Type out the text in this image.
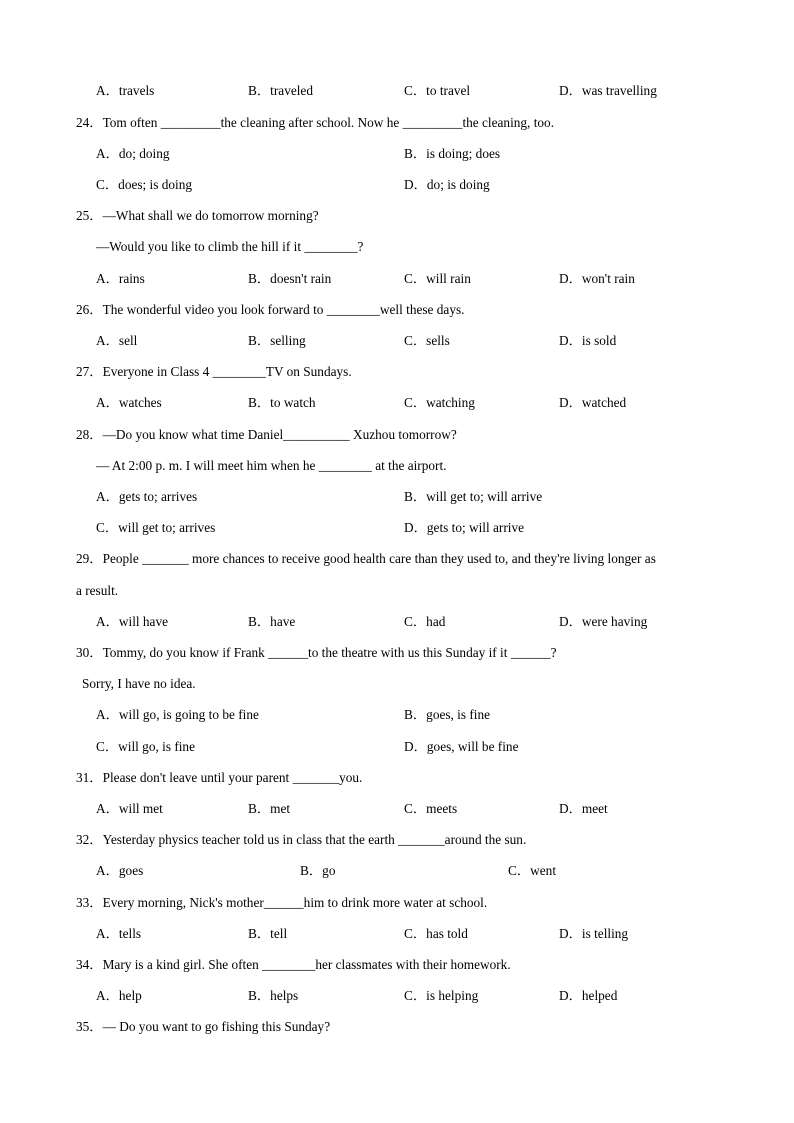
A．travels	B．traveled	C．to travel	D．was travelling
24．Tom often _________the cleaning after school. Now he _________the cleaning, too.
A．do; doing	B．is doing; does
C．does; is doing	D．do; is doing
25．—What shall we do tomorrow morning?
—Would you like to climb the hill if it ________?
A．rains	B．doesn't rain	C．will rain	D．won't rain
26．The wonderful video you look forward to ________well these days.
A．sell	B．selling	C．sells	D．is sold
27．Everyone in Class 4 ________TV on Sundays.
A．watches	B．to watch	C．watching	D．watched
28．—Do you know what time Daniel__________ Xuzhou tomorrow?
— At 2:00 p. m. I will meet him when he ________ at the airport.
A．gets to; arrives	B．will get to; will arrive
C．will get to; arrives	D．gets to; will arrive
29．People _______ more chances to receive good health care than they used to, and they're living longer as
a result.
A．will have	B．have	C．had	D．were having
30．Tommy, do you know if Frank ______to the theatre with us this Sunday if it ______?
Sorry, I have no idea.
A．will go, is going to be fine	B．goes, is fine
C．will go, is fine	D．goes, will be fine
31．Please don't leave until your parent _______you.
A．will met	B．met	C．meets	D．meet
32．Yesterday physics teacher told us in class that the earth _______around the sun.
A．goes	B．go	C．went
33．Every morning, Nick's mother______him to drink more water at school.
A．tells	B．tell	C．has told	D．is telling
34．Mary is a kind girl. She often ________her classmates with their homework.
A．help	B．helps	C．is helping	D．helped
35．— Do you want to go fishing this Sunday?
